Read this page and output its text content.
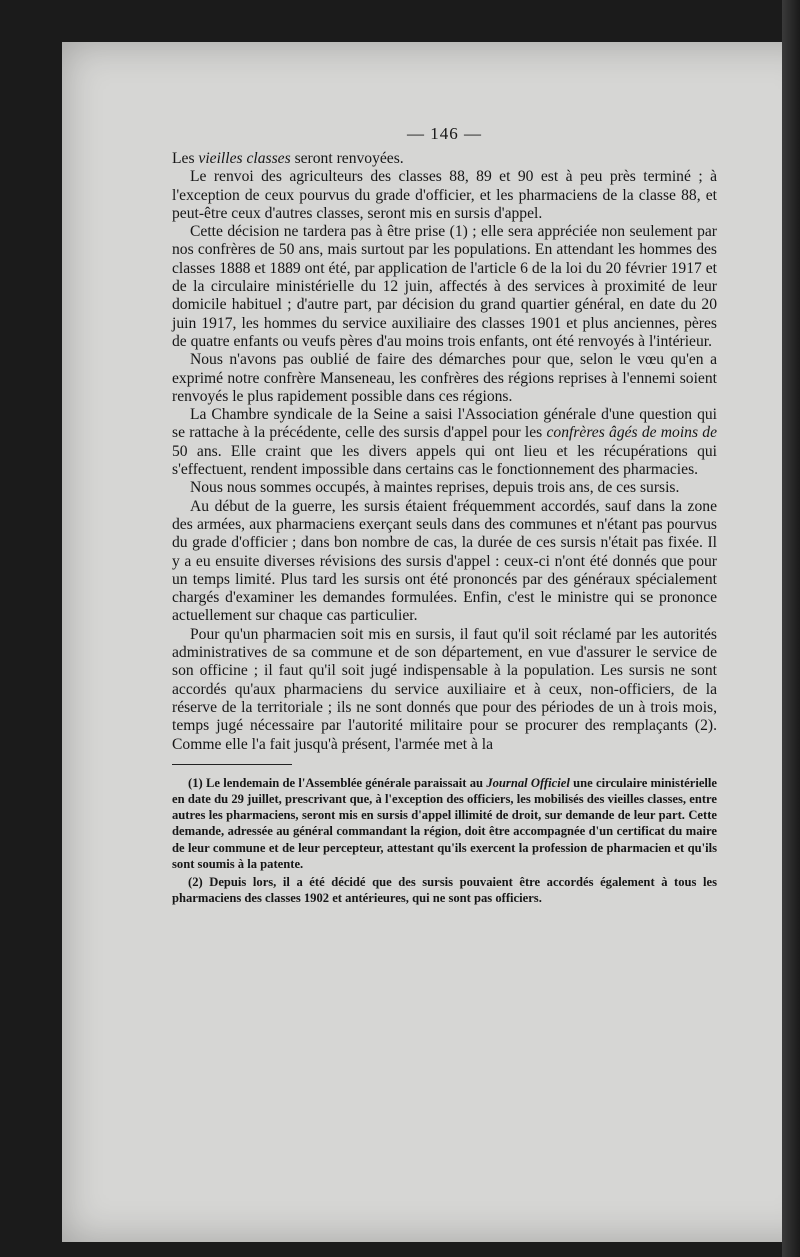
— 146 —

Les vieilles classes seront renvoyées.

Le renvoi des agriculteurs des classes 88, 89 et 90 est à peu près terminé ; à l'exception de ceux pourvus du grade d'officier, et les pharmaciens de la classe 88, et peut-être ceux d'autres classes, seront mis en sursis d'appel.

Cette décision ne tardera pas à être prise (1) ; elle sera appréciée non seulement par nos confrères de 50 ans, mais surtout par les populations. En attendant les hommes des classes 1888 et 1889 ont été, par application de l'article 6 de la loi du 20 février 1917 et de la circulaire ministérielle du 12 juin, affectés à des services à proximité de leur domicile habituel ; d'autre part, par décision du grand quartier général, en date du 20 juin 1917, les hommes du service auxiliaire des classes 1901 et plus anciennes, pères de quatre enfants ou veufs pères d'au moins trois enfants, ont été renvoyés à l'intérieur.

Nous n'avons pas oublié de faire des démarches pour que, selon le vœu qu'en a exprimé notre confrère Manseneau, les confrères des régions reprises à l'ennemi soient renvoyés le plus rapidement possible dans ces régions.

La Chambre syndicale de la Seine a saisi l'Association générale d'une question qui se rattache à la précédente, celle des sursis d'appel pour les confrères âgés de moins de 50 ans. Elle craint que les divers appels qui ont lieu et les récupérations qui s'effectuent, rendent impossible dans certains cas le fonctionnement des pharmacies.

Nous nous sommes occupés, à maintes reprises, depuis trois ans, de ces sursis.

Au début de la guerre, les sursis étaient fréquemment accordés, sauf dans la zone des armées, aux pharmaciens exerçant seuls dans des communes et n'étant pas pourvus du grade d'officier ; dans bon nombre de cas, la durée de ces sursis n'était pas fixée. Il y a eu ensuite diverses révisions des sursis d'appel : ceux-ci n'ont été donnés que pour un temps limité. Plus tard les sursis ont été prononcés par des généraux spécialement chargés d'examiner les demandes formulées. Enfin, c'est le ministre qui se prononce actuellement sur chaque cas particulier.

Pour qu'un pharmacien soit mis en sursis, il faut qu'il soit réclamé par les autorités administratives de sa commune et de son département, en vue d'assurer le service de son officine ; il faut qu'il soit jugé indispensable à la population. Les sursis ne sont accordés qu'aux pharmaciens du service auxiliaire et à ceux, non-officiers, de la réserve de la territoriale ; ils ne sont donnés que pour des périodes de un à trois mois, temps jugé nécessaire par l'autorité militaire pour se procurer des remplaçants (2). Comme elle l'a fait jusqu'à présent, l'armée met à la

(1) Le lendemain de l'Assemblée générale paraissait au Journal Officiel une circulaire ministérielle en date du 29 juillet, prescrivant que, à l'exception des officiers, les mobilisés des vieilles classes, entre autres les pharmaciens, seront mis en sursis d'appel illimité de droit, sur demande de leur part. Cette demande, adressée au général commandant la région, doit être accompagnée d'un certificat du maire de leur commune et de leur percepteur, attestant qu'ils exercent la profession de pharmacien et qu'ils sont soumis à la patente.

(2) Depuis lors, il a été décidé que des sursis pouvaient être accordés également à tous les pharmaciens des classes 1902 et antérieures, qui ne sont pas officiers.
